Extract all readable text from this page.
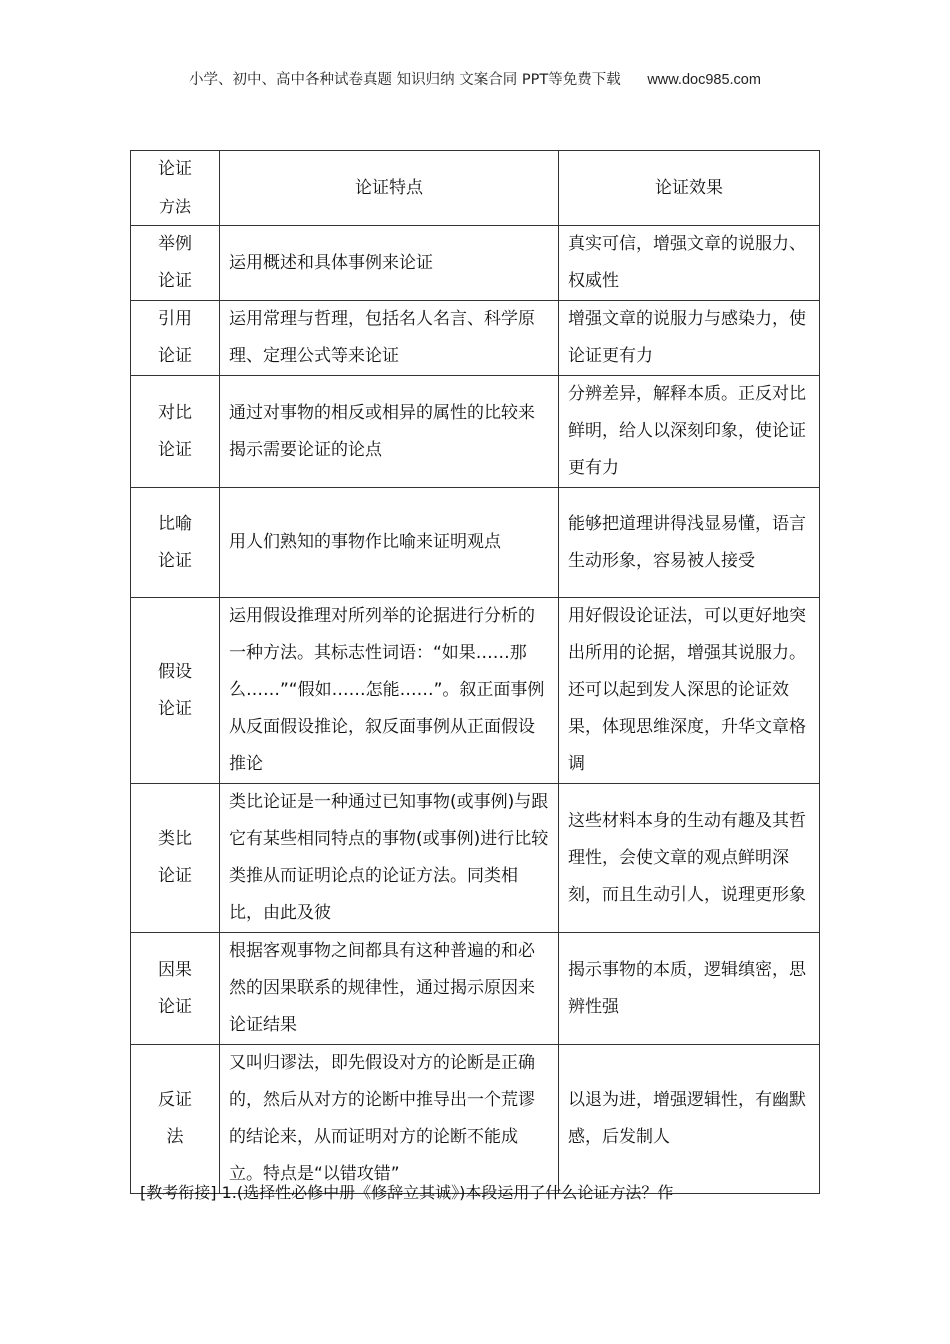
小学、初中、高中各种试卷真题 知识归纳 文案合同 PPT等免费下载 www.doc985.com
论证
方法	论证特点	论证效果

举例
论证	运用概述和具体事例来论证	真实可信，增强文章的说服力、权威性

引用
论证	运用常理与哲理，包括名人名言、科学原理、定理公式等来论证	增强文章的说服力与感染力，使论证更有力

对比
论证	通过对事物的相反或相异的属性的比较来揭示需要论证的论点	分辨差异，解释本质。正反对比鲜明，给人以深刻印象，使论证更有力

比喻
论证	用人们熟知的事物作比喻来证明观点	能够把道理讲得浅显易懂，语言生动形象，容易被人接受

假设
论证	运用假设推理对所列举的论据进行分析的一种方法。其标志性词语：“如果……那么……”“假如……怎能……”。叙正面事例从反面假设推论，叙反面事例从正面假设推论	用好假设论证法，可以更好地突出所用的论据，增强其说服力。还可以起到发人深思的论证效果，体现思维深度，升华文章格调

类比
论证	类比论证是一种通过已知事物(或事例)与跟它有某些相同特点的事物(或事例)进行比较类推从而证明论点的论证方法。同类相比，由此及彼	这些材料本身的生动有趣及其哲理性，会使文章的观点鲜明深刻，而且生动引人，说理更形象

因果
论证	根据客观事物之间都具有这种普遍的和必然的因果联系的规律性，通过揭示原因来论证结果	揭示事物的本质，逻辑缜密，思辨性强

反证
法	又叫归谬法，即先假设对方的论断是正确的，然后从对方的论断中推导出一个荒谬的结论来，从而证明对方的论断不能成立。特点是“以错攻错”	以退为进，增强逻辑性，有幽默感，后发制人
[教考衔接] 1.(选择性必修中册《修辞立其诚》)本段运用了什么论证方法？作
